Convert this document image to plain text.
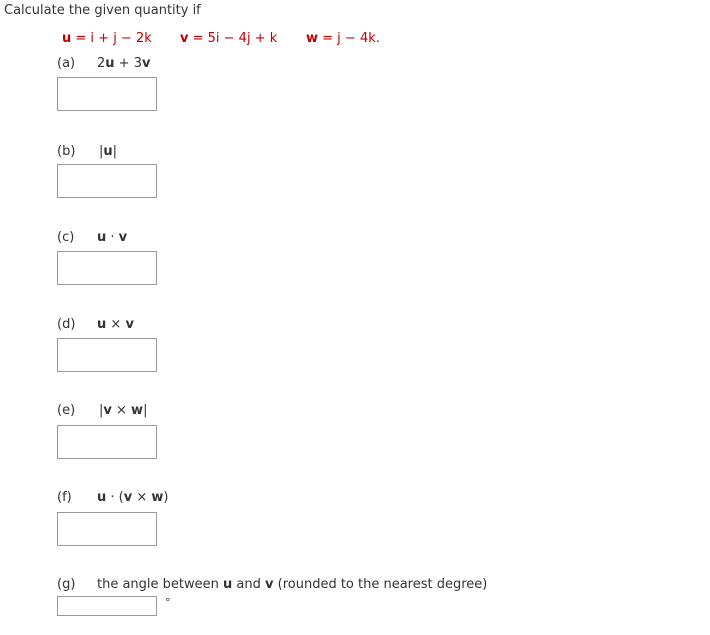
Calculate the given quantity if
u = i + j − 2k v = 5i − 4j + k w = j − 4k.
(a) 2u + 3v
(b) |u|
(c) u · v
(d) u × v
(e) |v × w|
(f) u · (v × w)
(g) the angle between u and v (rounded to the nearest degree)
°
